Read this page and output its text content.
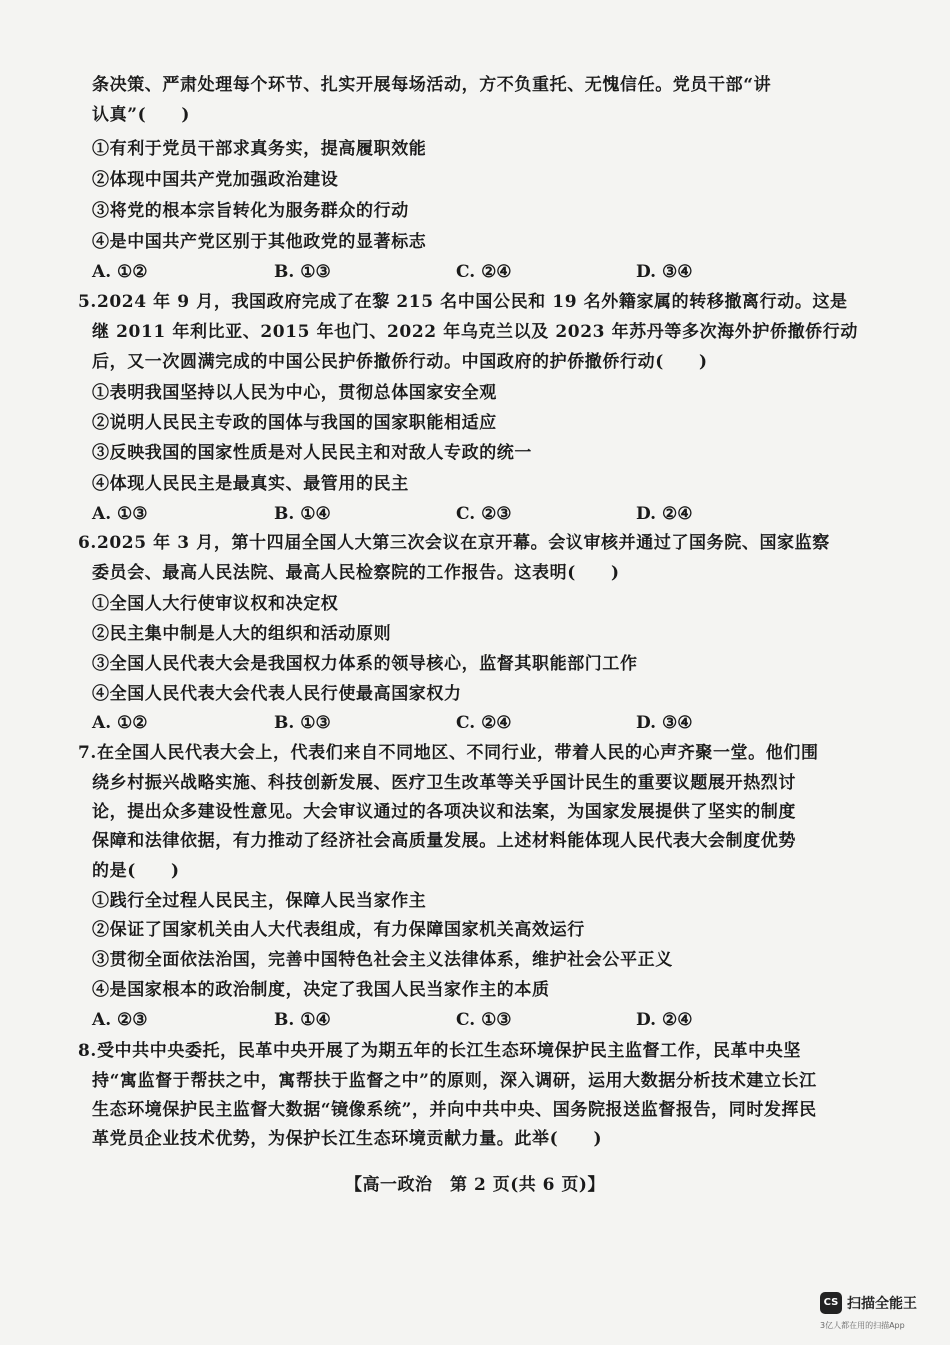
条决策、严肃处理每个环节、扎实开展每场活动，方不负重托、无愧信任。党员干部“讲
认真”(　　)
①有利于党员干部求真务实，提高履职效能
②体现中国共产党加强政治建设
③将党的根本宗旨转化为服务群众的行动
④是中国共产党区别于其他政党的显著标志
A. ①②	B. ①③	C. ②④	D. ③④
5.2024 年 9 月，我国政府完成了在黎 215 名中国公民和 19 名外籍家属的转移撤离行动。这是
继 2011 年利比亚、2015 年也门、2022 年乌克兰以及 2023 年苏丹等多次海外护侨撤侨行动
后，又一次圆满完成的中国公民护侨撤侨行动。中国政府的护侨撤侨行动(　　)
①表明我国坚持以人民为中心，贯彻总体国家安全观
②说明人民民主专政的国体与我国的国家职能相适应
③反映我国的国家性质是对人民民主和对敌人专政的统一
④体现人民民主是最真实、最管用的民主
A. ①③	B. ①④	C. ②③	D. ②④
6.2025 年 3 月，第十四届全国人大第三次会议在京开幕。会议审核并通过了国务院、国家监察
委员会、最高人民法院、最高人民检察院的工作报告。这表明(　　)
①全国人大行使审议权和决定权
②民主集中制是人大的组织和活动原则
③全国人民代表大会是我国权力体系的领导核心，监督其职能部门工作
④全国人民代表大会代表人民行使最高国家权力
A. ①②	B. ①③	C. ②④	D. ③④
7.在全国人民代表大会上，代表们来自不同地区、不同行业，带着人民的心声齐聚一堂。他们围
绕乡村振兴战略实施、科技创新发展、医疗卫生改革等关乎国计民生的重要议题展开热烈讨
论，提出众多建设性意见。大会审议通过的各项决议和法案，为国家发展提供了坚实的制度
保障和法律依据，有力推动了经济社会高质量发展。上述材料能体现人民代表大会制度优势
的是(　　)
①践行全过程人民民主，保障人民当家作主
②保证了国家机关由人大代表组成，有力保障国家机关高效运行
③贯彻全面依法治国，完善中国特色社会主义法律体系，维护社会公平正义
④是国家根本的政治制度，决定了我国人民当家作主的本质
A. ②③	B. ①④	C. ①③	D. ②④
8.受中共中央委托，民革中央开展了为期五年的长江生态环境保护民主监督工作，民革中央坚
持“寓监督于帮扶之中，寓帮扶于监督之中”的原则，深入调研，运用大数据分析技术建立长江
生态环境保护民主监督大数据“镜像系统”，并向中共中央、国务院报送监督报告，同时发挥民
革党员企业技术优势，为保护长江生态环境贡献力量。此举(　　)
【高一政治　第 2 页(共 6 页)】
CS 扫描全能王
3亿人都在用的扫描App
